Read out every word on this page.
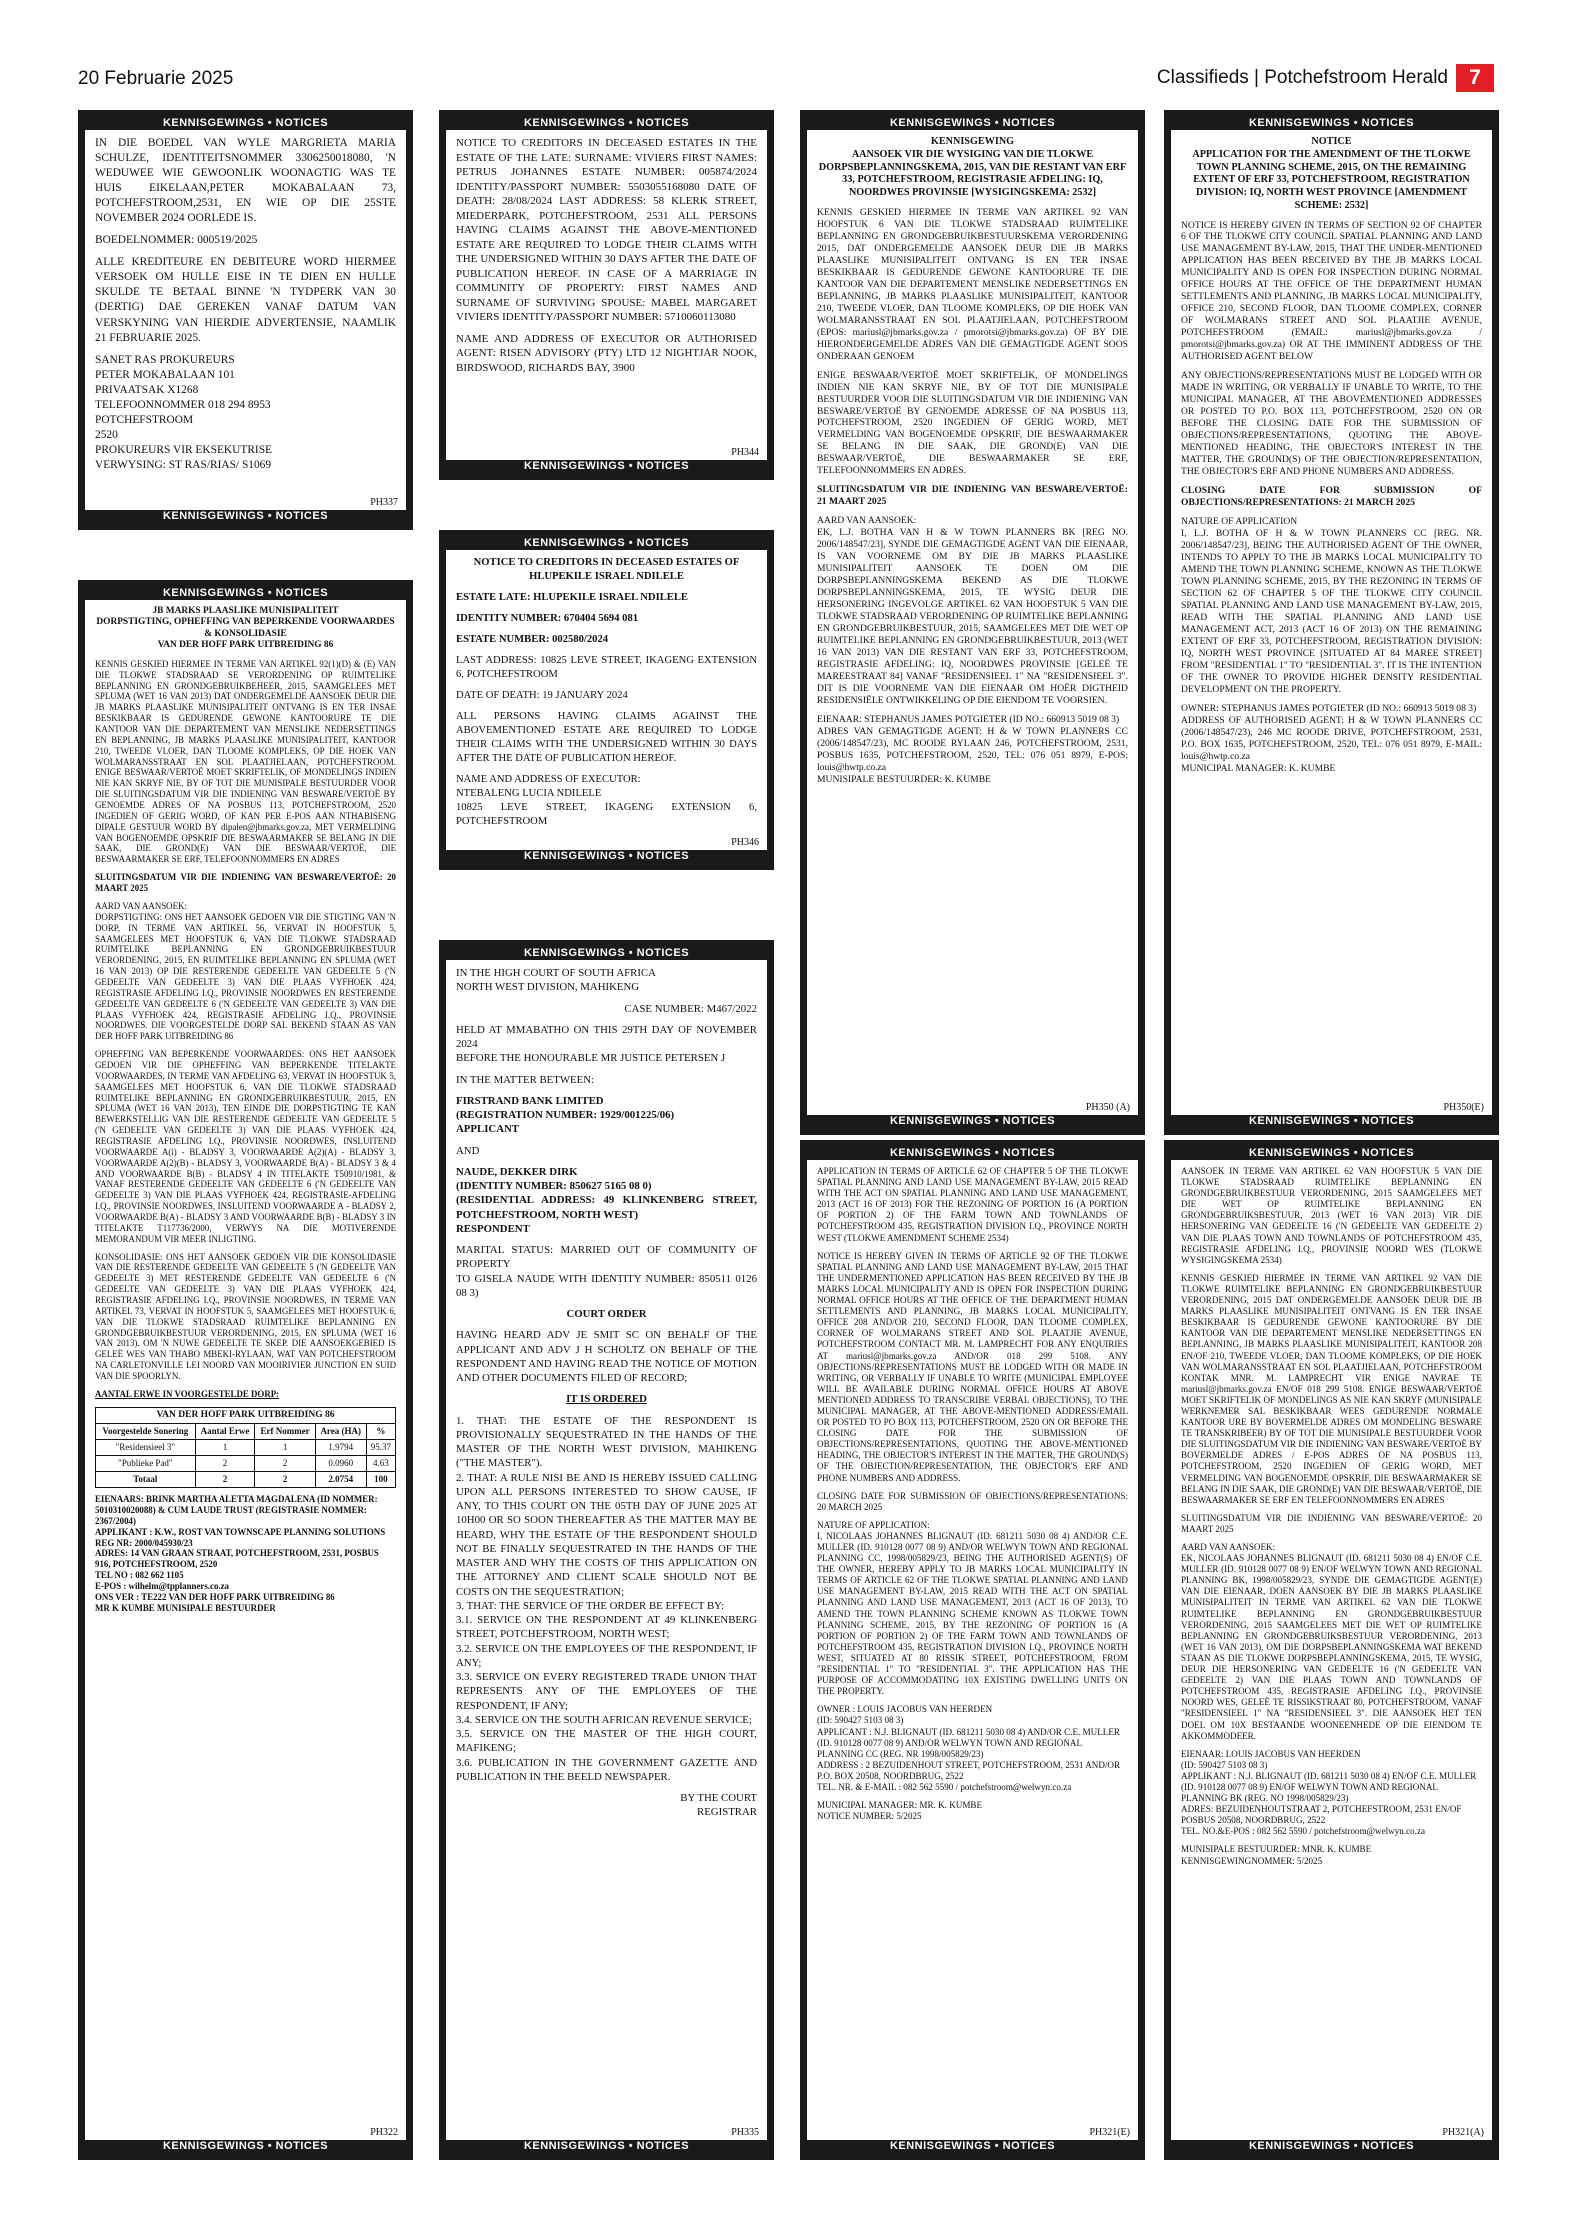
20 Februarie 2025	Classifieds | Potchefstroom Herald	7
KENNISGEWINGS • NOTICES

IN DIE BOEDEL VAN WYLE MARGRIETA MARIA SCHULZE, IDENTITEITSNOMMER 3306250018080, 'N WEDUWEE WIE GEWOONLIK WOONAGTIG WAS TE HUIS EIKELAAN,PETER MOKABALAAN 73, POTCHEFSTROOM,2531, EN WIE OP DIE 25STE NOVEMBER 2024 OORLEDE IS.

BOEDELNOMMER: 000519/2025

ALLE KREDITEURE EN DEBITEURE WORD HIERMEE VERSOEK OM HULLE EISE IN TE DIEN EN HULLE SKULDE TE BETAAL BINNE 'N TYDPERK VAN 30 (DERTIG) DAE GEREKEN VANAF DATUM VAN VERSKYNING VAN HIERDIE ADVERTENSIE, NAAMLIK 21 FEBRUARIE 2025.

SANET RAS PROKUREURS
PETER MOKABALAAN 101
PRIVAATSAK X1268
TELEFOONNOMMER 018 294 8953
POTCHEFSTROOM
2520
PROKUREURS VIR EKSEKUTRISE
VERWYSING: ST RAS/RIAS/ S1069

PH337
KENNISGEWINGS • NOTICES
KENNISGEWINGS • NOTICES

NOTICE TO CREDITORS IN DECEASED ESTATES IN THE ESTATE OF THE LATE: SURNAME: VIVIERS FIRST NAMES: PETRUS JOHANNES ESTATE NUMBER: 005874/2024 IDENTITY/PASSPORT NUMBER: 5503055168080 DATE OF DEATH: 28/08/2024 LAST ADDRESS: 58 KLERK STREET, MIEDERPARK, POTCHEFSTROOM, 2531 ALL PERSONS HAVING CLAIMS AGAINST THE ABOVE-MENTIONED ESTATE ARE REQUIRED TO LODGE THEIR CLAIMS WITH THE UNDERSIGNED WITHIN 30 DAYS AFTER THE DATE OF PUBLICATION HEREOF. IN CASE OF A MARRIAGE IN COMMUNITY OF PROPERTY: FIRST NAMES AND SURNAME OF SURVIVING SPOUSE: MABEL MARGARET VIVIERS IDENTITY/PASSPORT NUMBER: 5710060113080

NAME AND ADDRESS OF EXECUTOR OR AUTHORISED AGENT: RISEN ADVISORY (PTY) LTD 12 NIGHTJAR NOOK, BIRDSWOOD, RICHARDS BAY, 3900

PH344
KENNISGEWINGS • NOTICES
KENNISGEWINGS • NOTICES

KENNISGEWING
AANSOEK VIR DIE WYSIGING VAN DIE TLOKWE DORPSBEPLANNINGSKEMA, 2015, VAN DIE RESTANT VAN ERF 33, POTCHEFSTROOM, REGISTRASIE AFDELING: IQ, NOORDWES PROVINSIE [WYSIGINGSKEMA: 2532]

KENNIS GESKIED HIERMEE IN TERME VAN ARTIKEL 92 VAN HOOFSTUK 6 VAN DIE TLOKWE STADSRAAD RUIMTELIKE BEPLANNING EN GRONDGEBRUIKBESTUURSKEMA VERORDENING 2015, DAT ONDERGEMELDE AANSOEK DEUR DIE JB MARKS PLAASLIKE MUNISIPALITEIT ONTVANG IS EN TER INSAE BESKIKBAAR IS GEDURENDE GEWONE KANTOORURE TE DIE KANTOOR VAN DIE DEPARTEMENT MENSLIKE NEDERSETTINGS EN BEPLANNING, JB MARKS PLAASLIKE MUNISIPALITEIT, KANTOOR 210, TWEEDE VLOER, DAN TLOOME KOMPLEKS, OP DIE HOEK VAN WOLMARANSSTRAAT EN SOL PLAATJIELAAN, POTCHEFSTROOM (EPOS: mariusl@jbmarks.gov.za / pmorotsi@jbmarks.gov.za) OF BY DIE HIERONDERGEMELDE ADRES VAN DIE GEMAGTIGDE AGENT SOOS ONDERAAN GENOEM

ENIGE BESWAAR/VERTOË MOET SKRIFTELIK, OF MONDELINGS INDIEN NIE KAN SKRYF NIE, BY OF TOT DIE MUNISIPALE BESTUURDER VOOR DIE SLUITINGSDATUM VIR DIE INDIENING VAN BESWARE/VERTOË BY GENOEMDE ADRESSE OF NA POSBUS 113, POTCHEFSTROOM, 2520 INGEDIEN OF GERIG WORD, MET VERMELDING VAN BOGENOEMDE OPSKRIF, DIE BESWAARMAKER SE BELANG IN DIE SAAK, DIE GROND(E) VAN DIE BESWAAR/VERTOË, DIE BESWAARMAKER SE ERF, TELEFOONNOMMERS EN ADRES.

SLUITINGSDATUM VIR DIE INDIENING VAN BESWARE/VERTOË: 21 MAART 2025

AARD VAN AANSOEK:
EK, L.J. BOTHA VAN H & W TOWN PLANNERS BK [REG NO. 2006/148547/23], SYNDE DIE GEMAGTIGDE AGENT VAN DIE EIENAAR, IS VAN VOORNEME OM BY DIE JB MARKS PLAASLIKE MUNISIPALITEIT AANSOEK TE DOEN OM DIE DORPSBEPLANNINGSKEMA BEKEND AS DIE TLOKWE DORPSBEPLANNINGSKEMA, 2015, TE WYSIG DEUR DIE HERSONERING INGEVOLGE ARTIKEL 62 VAN HOOFSTUK 5 VAN DIE TLOKWE STADSRAAD VERORDENING OP RUIMTELIKE BEPLANNING EN GRONDGEBRUIKBESTUUR, 2015, SAAMGELEES MET DIE WET OP RUIMTELIKE BEPLANNING EN GRONDGEBRUIKBESTUUR, 2013 (WET 16 VAN 2013) VAN DIE RESTANT VAN ERF 33, POTCHEFSTROOM, REGISTRASIE AFDELING: IQ, NOORDWES PROVINSIE [GELEË TE MAREESTRAAT 84] VANAF "RESIDENSIEEL 1" NA "RESIDENSIEEL 3". DIT IS DIE VOORNEME VAN DIE EIENAAR OM HOËR DIGTHEID RESIDENSIËLE ONTWIKKELING OP DIE EIENDOM TE VOORSIEN.

EIENAAR: STEPHANUS JAMES POTGIETER (ID NO.: 660913 5019 08 3)
ADRES VAN GEMAGTIGDE AGENT: H & W TOWN PLANNERS CC (2006/148547/23), MC ROODE RYLAAN 246, POTCHEFSTROOM, 2531, POSBUS 1635, POTCHEFSTROOM, 2520, TEL: 076 051 8979, E-POS: louis@hwtp.co.za
MUNISIPALE BESTUURDER: K. KUMBE

PH350 (A)
KENNISGEWINGS • NOTICES
KENNISGEWINGS • NOTICES

NOTICE
APPLICATION FOR THE AMENDMENT OF THE TLOKWE TOWN PLANNING SCHEME, 2015, ON THE REMAINING EXTENT OF ERF 33, POTCHEFSTROOM, REGISTRATION DIVISION: IQ, NORTH WEST PROVINCE [AMENDMENT SCHEME: 2532]

NOTICE IS HEREBY GIVEN IN TERMS OF SECTION 92 OF CHAPTER 6 OF THE TLOKWE CITY COUNCIL SPATIAL PLANNING AND LAND USE MANAGEMENT BY-LAW, 2015, THAT THE UNDER-MENTIONED APPLICATION HAS BEEN RECEIVED BY THE JB MARKS LOCAL MUNICIPALITY AND IS OPEN FOR INSPECTION DURING NORMAL OFFICE HOURS AT THE OFFICE OF THE DEPARTMENT HUMAN SETTLEMENTS AND PLANNING, JB MARKS LOCAL MUNICIPALITY, OFFICE 210, SECOND FLOOR, DAN TLOOME COMPLEX, CORNER OF WOLMARANS STREET AND SOL PLAATJIE AVENUE, POTCHEFSTROOM (EMAIL: mariusl@jbmarks.gov.za / pmorotsi@jbmarks.gov.za) OR AT THE IMMINENT ADDRESS OF THE AUTHORISED AGENT BELOW

ANY OBJECTIONS/REPRESENTATIONS MUST BE LODGED WITH OR MADE IN WRITING, OR VERBALLY IF UNABLE TO WRITE, TO THE MUNICIPAL MANAGER, AT THE ABOVEMENTIONED ADDRESSES OR POSTED TO P.O. BOX 113, POTCHEFSTROOM, 2520 ON OR BEFORE THE CLOSING DATE FOR THE SUBMISSION OF OBJECTIONS/REPRESENTATIONS, QUOTING THE ABOVE-MENTIONED HEADING, THE OBJECTOR'S INTEREST IN THE MATTER, THE GROUND(S) OF THE OBJECTION/REPRESENTATION, THE OBJECTOR'S ERF AND PHONE NUMBERS AND ADDRESS.

CLOSING DATE FOR SUBMISSION OF OBJECTIONS/REPRESENTATIONS: 21 MARCH 2025

NATURE OF APPLICATION
I, L.J. BOTHA OF H & W TOWN PLANNERS CC [REG. NR. 2006/148547/23], BEING THE AUTHORISED AGENT OF THE OWNER, INTENDS TO APPLY TO THE JB MARKS LOCAL MUNICIPALITY TO AMEND THE TOWN PLANNING SCHEME, KNOWN AS THE TLOKWE TOWN PLANNING SCHEME, 2015, BY THE REZONING IN TERMS OF SECTION 62 OF CHAPTER 5 OF THE TLOKWE CITY COUNCIL SPATIAL PLANNING AND LAND USE MANAGEMENT BY-LAW, 2015, READ WITH THE SPATIAL PLANNING AND LAND USE MANAGEMENT ACT, 2013 (ACT 16 OF 2013) ON THE REMAINING EXTENT OF ERF 33, POTCHEFSTROOM, REGISTRATION DIVISION: IQ, NORTH WEST PROVINCE [SITUATED AT 84 MAREE STREET] FROM "RESIDENTIAL 1" TO "RESIDENTIAL 3". IT IS THE INTENTION OF THE OWNER TO PROVIDE HIGHER DENSITY RESIDENTIAL DEVELOPMENT ON THE PROPERTY.

OWNER: STEPHANUS JAMES POTGIETER (ID NO.: 660913 5019 08 3)
ADDRESS OF AUTHORISED AGENT: H & W TOWN PLANNERS CC (2006/148547/23), 246 MC ROODE DRIVE, POTCHEFSTROOM, 2531, P.O. BOX 1635, POTCHEFSTROOM, 2520, TEL: 076 051 8979, E-MAIL: louis@hwtp.co.za
MUNICIPAL MANAGER: K. KUMBE

PH350(E)
KENNISGEWINGS • NOTICES
KENNISGEWINGS • NOTICES

JB MARKS PLAASLIKE MUNISIPALITEIT
DORPSTIGTING, OPHEFFING VAN BEPERKENDE VOORWAARDES & KONSOLIDASIE
VAN DER HOFF PARK UITBREIDING 86

KENNIS GESKIED HIERMEE IN TERME VAN ARTIKEL 92(1)(D) & (E) VAN DIE TLOKWE STADSRAAD SE VERORDENING OP RUIMTELIKE BEPLANNING EN GRONDGEBRUIKBEHEER, 2015, SAAMGELEES MET SPLUMA (WET 16 VAN 2013) DAT ONDERGEMELDE AANSOEK DEUR DIE JB MARKS PLAASLIKE MUNISIPALITEIT ONTVANG IS EN TER INSAE BESKIKBAAR IS GEDURENDE GEWONE KANTOORURE TE DIE KANTOOR VAN DIE DEPARTEMENT VAN MENSLIKE NEDERSETTINGS EN BEPLANNING, JB MARKS PLAASLIKE MUNISIPALITEIT, KANTOOR 210, TWEEDE VLOER, DAN TLOOME KOMPLEKS, OP DIE HOEK VAN WOLMARANSSTRAAT EN SOL PLAATJIELAAN, POTCHEFSTROOM. ENIGE BESWAAR/VERTOË MOET SKRIFTELIK, OF MONDELINGS INDIEN NIE KAN SKRYF NIE, BY OF TOT DIE MUNISIPALE BESTUURDER VOOR DIE SLUITINGSDATUM VIR DIE INDIENING VAN BESWARE/VERTOË BY GENOEMDE ADRES OF NA POSBUS 113, POTCHEFSTROOM, 2520 INGEDIEN OF GERIG WORD, OF KAN PER E-POS AAN NTHABISENG DIPALE GESTUUR WORD BY dipalen@jbmarks.gov.za, MET VERMELDING VAN BOGENOEMDE OPSKRIF DIE BESWAARMAKER SE BELANG IN DIE SAAK, DIE GROND(E) VAN DIE BESWAAR/VERTOË, DIE BESWAARMAKER SE ERF, TELEFOONNOMMERS EN ADRES

SLUITINGSDATUM VIR DIE INDIENING VAN BESWARE/VERTOË: 20 MAART 2025

AARD VAN AANSOEK:
DORPSTIGTING: ONS HET AANSOEK GEDOEN VIR DIE STIGTING VAN 'N DORP, IN TERME VAN ARTIKEL 56, VERVAT IN HOOFSTUK 5, SAAMGELEES MET HOOFSTUK 6, VAN DIE TLOKWE STADSRAAD RUIMTELIKE BEPLANNING EN GRONDGEBRUIKBESTUUR VERORDENING, 2015, EN RUIMTELIKE BEPLANNING EN SPLUMA (WET 16 VAN 2013) OP DIE RESTERENDE GEDEELTE VAN GEDEELTE 5 ('N GEDEELTE VAN GEDEELTE 3) VAN DIE PLAAS VYFHOEK 424, REGISTRASIE AFDELING I.Q., PROVINSIE NOORDWES EN RESTERENDE GEDEELTE VAN GEDEELTE 6 ('N GEDEELTE VAN GEDEELTE 3) VAN DIE PLAAS VYFHOEK 424, REGISTRASIE AFDELING I.Q., PROVINSIE NOORDWES. DIE VOORGESTELDE DORP SAL BEKEND STAAN AS VAN DER HOFF PARK UITBREIDING 86

OPHEFFING VAN BEPERKENDE VOORWAARDES: ONS HET AANSOEK GEDOEN VIR DIE OPHEFFING VAN BEPERKENDE TITELAKTE VOORWAARDES, IN TERME VAN AFDELING 63, VERVAT IN HOOFSTUK 5, SAAMGELEES MET HOOFSTUK 6, VAN DIE TLOKWE STADSRAAD RUIMTELIKE BEPLANNING EN GRONDGEBRUIKBESTUUR, 2015, EN SPLUMA (WET 16 VAN 2013), TEN EINDE DIE DORPSTIGTING TE KAN BEWERKSTELLIG VAN DIE RESTERENDE GEDEELTE VAN GEDEELTE 5 ('N GEDEELTE VAN GEDEELTE 3) VAN DIE PLAAS VYFHOEK 424, REGISTRASIE AFDELING I.Q., PROVINSIE NOORDWES, INSLUITEND VOORWAARDE A(i) - BLADSY 3, VOORWAARDE A(2)(A) - BLADSY 3, VOORWAARDE A(2)(B) - BLADSY 3, VOORWAARDE B(A) - BLADSY 3 & 4 AND VOORWAARDE B(B) - BLADSY 4 IN TITELAKTE T50910/1981, & VANAF RESTERENDE GEDEELTE VAN GEDEELTE 6 ('N GEDEELTE VAN GEDEELTE 3) VAN DIE PLAAS VYFHOEK 424, REGISTRASIE-AFDELING I.Q., PROVINSIE NOORDWES, INSLUITEND VOORWAARDE A - BLADSY 2, VOORWAARDE B(A) - BLADSY 3 AND VOORWAARDE B(B) - BLADSY 3 IN TITELAKTE T117736/2000, VERWYS NA DIE MOTIVERENDE MEMORANDUM VIR MEER INLIGTING.

KONSOLIDASIE: ONS HET AANSOEK GEDOEN VIR DIE KONSOLIDASIE VAN DIE RESTERENDE GEDEELTE VAN GEDEELTE 5 ('N GEDEELTE VAN GEDEELTE 3) MET RESTERENDE GEDEELTE VAN GEDEELTE 6 ('N GEDEELTE VAN GEDEELTE 3) VAN DIE PLAAS VYFHOEK 424, REGISTRASIE AFDELING I.Q., PROVINSIE NOORDWES, IN TERME VAN ARTIKEL 73, VERVAT IN HOOFSTUK 5, SAAMGELEES MET HOOFSTUK 6, VAN DIE TLOKWE STADSRAAD RUIMTELIKE BEPLANNING EN GRONDGEBRUIKBESTUUR VERORDENING, 2015, EN SPLUMA (WET 16 VAN 2013). OM 'N NUWE GEDEELTE TE SKEP. DIE AANSOEKGEBIED IS GELEË WES VAN THABO MBEKI-RYLAAN, WAT VAN POTCHEFSTROOM NA CARLETONVILLE LEI NOORD VAN MOOIRIVIER JUNCTION EN SUID VAN DIE SPOORLYN.

AANTAL ERWE IN VOORGESTELDE DORP:

VAN DER HOFF PARK UITBREIDING 86
Voorgestelde Sonering	Aantal Erwe	Erf Nommer	Area (HA)	%
"Residensieel 3"	1	1	1.9794	95.37
"Publieke Pad"	2	2	0.0960	4.63
Totaal	2	2	2.0754	100

EIENAARS: BRINK MARTHA ALETTA MAGDALENA (ID NOMMER: 5010310020088) & CUM LAUDE TRUST (REGISTRASIE NOMMER: 2367/2004)
APPLIKANT : K.W., ROST VAN TOWNSCAPE PLANNING SOLUTIONS REG NR: 2000/045930/23
ADRES: 14 VAN GRAAN STRAAT, POTCHEFSTROOM, 2531, POSBUS 916, POTCHEFSTROOM, 2520
TEL NO : 082 662 1105
E-POS : wilhelm@tpplanners.co.za
ONS VER : TE222 VAN DER HOFF PARK UITBREIDING 86
MR K KUMBE MUNISIPALE BESTUURDER

PH322
KENNISGEWINGS • NOTICES
KENNISGEWINGS • NOTICES

NOTICE TO CREDITORS IN DECEASED ESTATES OF HLUPEKILE ISRAEL NDILELE

ESTATE LATE: HLUPEKILE ISRAEL NDILELE

IDENTITY NUMBER: 670404 5694 081

ESTATE NUMBER: 002580/2024

LAST ADDRESS: 10825 LEVE STREET, IKAGENG EXTENSION 6, POTCHEFSTROOM

DATE OF DEATH: 19 JANUARY 2024

ALL PERSONS HAVING CLAIMS AGAINST THE ABOVEMENTIONED ESTATE ARE REQUIRED TO LODGE THEIR CLAIMS WITH THE UNDERSIGNED WITHIN 30 DAYS AFTER THE DATE OF PUBLICATION HEREOF.

NAME AND ADDRESS OF EXECUTOR:
NTEBALENG LUCIA NDILELE
10825 LEVE STREET, IKAGENG EXTENSION 6, POTCHEFSTROOM

PH346
KENNISGEWINGS • NOTICES
KENNISGEWINGS • NOTICES

IN THE HIGH COURT OF SOUTH AFRICA
NORTH WEST DIVISION, MAHIKENG

CASE NUMBER: M467/2022

HELD AT MMABATHO ON THIS 29TH DAY OF NOVEMBER 2024
BEFORE THE HONOURABLE MR JUSTICE PETERSEN J

IN THE MATTER BETWEEN:

FIRSTRAND BANK LIMITED
(REGISTRATION NUMBER: 1929/001225/06)
APPLICANT

AND

NAUDE, DEKKER DIRK
(IDENTITY NUMBER: 850627 5165 08 0)
(RESIDENTIAL ADDRESS: 49 KLINKENBERG STREET, POTCHEFSTROOM, NORTH WEST)
RESPONDENT

MARITAL STATUS: MARRIED OUT OF COMMUNITY OF PROPERTY
TO GISELA NAUDE WITH IDENTITY NUMBER: 850511 0126 08 3)

COURT ORDER

HAVING HEARD ADV JE SMIT SC ON BEHALF OF THE APPLICANT AND ADV J H SCHOLTZ ON BEHALF OF THE RESPONDENT AND HAVING READ THE NOTICE OF MOTION AND OTHER DOCUMENTS FILED OF RECORD;

IT IS ORDERED

1. THAT: THE ESTATE OF THE RESPONDENT IS PROVISIONALLY SEQUESTRATED IN THE HANDS OF THE MASTER OF THE NORTH WEST DIVISION, MAHIKENG ("THE MASTER").
2. THAT: A RULE NISI BE AND IS HEREBY ISSUED CALLING UPON ALL PERSONS INTERESTED TO SHOW CAUSE, IF ANY, TO THIS COURT ON THE 05TH DAY OF JUNE 2025 AT 10H00 OR SO SOON THEREAFTER AS THE MATTER MAY BE HEARD, WHY THE ESTATE OF THE RESPONDENT SHOULD NOT BE FINALLY SEQUESTRATED IN THE HANDS OF THE MASTER AND WHY THE COSTS OF THIS APPLICATION ON THE ATTORNEY AND CLIENT SCALE SHOULD NOT BE COSTS ON THE SEQUESTRATION;
3. THAT: THE SERVICE OF THE ORDER BE EFFECT BY:
3.1. SERVICE ON THE RESPONDENT AT 49 KLINKENBERG STREET, POTCHEFSTROOM, NORTH WEST;
3.2. SERVICE ON THE EMPLOYEES OF THE RESPONDENT, IF ANY;
3.3. SERVICE ON EVERY REGISTERED TRADE UNION THAT REPRESENTS ANY OF THE EMPLOYEES OF THE RESPONDENT, IF ANY;
3.4. SERVICE ON THE SOUTH AFRICAN REVENUE SERVICE;
3.5. SERVICE ON THE MASTER OF THE HIGH COURT, MAFIKENG;
3.6. PUBLICATION IN THE GOVERNMENT GAZETTE AND PUBLICATION IN THE BEELD NEWSPAPER.

BY THE COURT
REGISTRAR

PH335
KENNISGEWINGS • NOTICES
KENNISGEWINGS • NOTICES

APPLICATION IN TERMS OF ARTICLE 62 OF CHAPTER 5 OF THE TLOKWE SPATIAL PLANNING AND LAND USE MANAGEMENT BY-LAW, 2015 READ WITH THE ACT ON SPATIAL PLANNING AND LAND USE MANAGEMENT, 2013 (ACT 16 OF 2013) FOR THE REZONING OF PORTION 16 (A PORTION OF PORTION 2) OF THE FARM TOWN AND TOWNLANDS OF POTCHEFSTROOM 435, REGISTRATION DIVISION I.Q., PROVINCE NORTH WEST (TLOKWE AMENDMENT SCHEME 2534)

NOTICE IS HEREBY GIVEN IN TERMS OF ARTICLE 92 OF THE TLOKWE SPATIAL PLANNING AND LAND USE MANAGEMENT BY-LAW, 2015 THAT THE UNDERMENTIONED APPLICATION HAS BEEN RECEIVED BY THE JB MARKS LOCAL MUNICIPALITY AND IS OPEN FOR INSPECTION DURING NORMAL OFFICE HOURS AT THE OFFICE OF THE DEPARTMENT HUMAN SETTLEMENTS AND PLANNING, JB MARKS LOCAL MUNICIPALITY, OFFICE 208 AND/OR 210, SECOND FLOOR, DAN TLOOME COMPLEX, CORNER OF WOLMARANS STREET AND SOL PLAATJIE AVENUE, POTCHEFSTROOM CONTACT MR. M. LAMPRECHT FOR ANY ENQUIRIES AT mariusl@jbmarks.gov.za AND/OR 018 299 5108. ANY OBJECTIONS/REPRESENTATIONS MUST BE LODGED WITH OR MADE IN WRITING, OR VERBALLY IF UNABLE TO WRITE (MUNICIPAL EMPLOYEE WILL BE AVAILABLE DURING NORMAL OFFICE HOURS AT ABOVE MENTIONED ADDRESS TO TRANSCRIBE VERBAL OBJECTIONS), TO THE MUNICIPAL MANAGER, AT THE ABOVE-MENTIONED ADDRESS/EMAIL OR POSTED TO PO BOX 113, POTCHEFSTROOM, 2520 ON OR BEFORE THE CLOSING DATE FOR THE SUBMISSION OF OBJECTIONS/REPRESENTATIONS, QUOTING THE ABOVE-MENTIONED HEADING, THE OBJECTOR'S INTEREST IN THE MATTER, THE GROUND(S) OF THE OBJECTION/REPRESENTATION, THE OBJECTOR'S ERF AND PHONE NUMBERS AND ADDRESS.

CLOSING DATE FOR SUBMISSION OF OBJECTIONS/REPRESENTATIONS: 20 MARCH 2025

NATURE OF APPLICATION:
I, NICOLAAS JOHANNES BLIGNAUT (ID. 681211 5030 08 4) AND/OR C.E. MULLER (ID. 910128 0077 08 9) AND/OR WELWYN TOWN AND REGIONAL PLANNING CC, 1998/005829/23, BEING THE AUTHORISED AGENT(S) OF THE OWNER, HEREBY APPLY TO JB MARKS LOCAL MUNICIPALITY IN TERMS OF ARTICLE 62 OF THE TLOKWE SPATIAL PLANNING AND LAND USE MANAGEMENT BY-LAW, 2015 READ WITH THE ACT ON SPATIAL PLANNING AND LAND USE MANAGEMENT, 2013 (ACT 16 OF 2013), TO AMEND THE TOWN PLANNING SCHEME KNOWN AS TLOKWE TOWN PLANNING SCHEME, 2015, BY THE REZONING OF PORTION 16 (A PORTION OF PORTION 2) OF THE FARM TOWN AND TOWNLANDS OF POTCHEFSTROOM 435, REGISTRATION DIVISION I.Q., PROVINCE NORTH WEST, SITUATED AT 80 RISSIK STREET, POTCHEFSTROOM, FROM "RESIDENTIAL 1" TO "RESIDENTIAL 3". THE APPLICATION HAS THE PURPOSE OF ACCOMMODATING 10X EXISTING DWELLING UNITS ON THE PROPERTY.

OWNER : LOUIS JACOBUS VAN HEERDEN
(ID: 590427 5103 08 3)
APPLICANT : N.J. BLIGNAUT (ID. 681211 5030 08 4) AND/OR C.E. MULLER (ID. 910128 0077 08 9) AND/OR WELWYN TOWN AND REGIONAL PLANNING CC (REG. NR 1998/005829/23)
ADDRESS : 2 BEZUIDENHOUT STREET, POTCHEFSTROOM, 2531 AND/OR P.O. BOX 20508, NOORDBRUG, 2522
TEL. NR. & E-MAIL : 082 562 5590 / potchefstroom@welwyn.co.za

MUNICIPAL MANAGER: MR. K. KUMBE
NOTICE NUMBER: 5/2025

PH321(E)
KENNISGEWINGS • NOTICES
KENNISGEWINGS • NOTICES

AANSOEK IN TERME VAN ARTIKEL 62 VAN HOOFSTUK 5 VAN DIE TLOKWE STADSRAAD RUIMTELIKE BEPLANNING EN GRONDGEBRUIKBESTUUR VERORDENING, 2015 SAAMGELEES MET DIE WET OP RUIMTELIKE BEPLANNING EN GRONDGEBRUIKSBESTUUR, 2013 (WET 16 VAN 2013) VIR DIE HERSONERING VAN GEDEELTE 16 ('N GEDEELTE VAN GEDEELTE 2) VAN DIE PLAAS TOWN AND TOWNLANDS OF POTCHEFSTROOM 435, REGISTRASIE AFDELING I.Q., PROVINSIE NOORD WES (TLOKWE WYSIGINGSKEMA 2534)

KENNIS GESKIED HIERMEE IN TERME VAN ARTIKEL 92 VAN DIE TLOKWE RUIMTELIKE BEPLANNING EN GRONDGEBRUIKBESTUUR VERORDENING, 2015 DAT ONDERGEMELDE AANSOEK DEUR DIE JB MARKS PLAASLIKE MUNISIPALITEIT ONTVANG IS EN TER INSAE BESKIKBAAR IS GEDURENDE GEWONE KANTOORURE BY DIE KANTOOR VAN DIE DEPARTEMENT MENSLIKE NEDERSETTINGS EN BEPLANNING, JB MARKS PLAASLIKE MUNISIPALITEIT, KANTOOR 208 EN/OF 210, TWEEDE VLOER, DAN TLOOME KOMPLEKS, OP DIE HOEK VAN WOLMARANSSTRAAT EN SOL PLAATJIELAAN, POTCHEFSTROOM KONTAK MNR. M. LAMPRECHT VIR ENIGE NAVRAE TE mariusl@jbmarks.gov.za EN/OF 018 299 5108. ENIGE BESWAAR/VERTOË MOET SKRIFTELIK OF MONDELINGS AS NIE KAN SKRYF (MUNISIPALE WERKNEMER SAL BESKIKBAAR WEES GEDURENDE NORMALE KANTOOR URE BY BOVERMELDE ADRES OM MONDELING BESWARE TE TRANSKRIBEER) BY OF TOT DIE MUNISIPALE BESTUURDER VOOR DIE SLUITINGSDATUM VIR DIE INDIENING VAN BESWARE/VERTOË BY BOVERMELDE ADRES / E-POS ADRES OF NA POSBUS 113, POTCHEFSTROOM, 2520 INGEDIEN OF GERIG WORD, MET VERMELDING VAN BOGENOEMDE OPSKRIF, DIE BESWAARMAKER SE BELANG IN DIE SAAK, DIE GROND(E) VAN DIE BESWAAR/VERTOË, DIE BESWAARMAKER SE ERF EN TELEFOONNOMMERS EN ADRES

SLUITINGSDATUM VIR DIE INDIENING VAN BESWARE/VERTOË: 20 MAART 2025

AARD VAN AANSOEK:
EK, NICOLAAS JOHANNES BLIGNAUT (ID. 681211 5030 08 4) EN/OF C.E. MULLER (ID. 910128 0077 08 9) EN/OF WELWYN TOWN AND REGIONAL PLANNING BK, 1998/005829/23, SYNDE DIE GEMAGTIGDE AGENT(E) VAN DIE EIENAAR, DOEN AANSOEK BY DIE JB MARKS PLAASLIKE MUNISIPALITEIT IN TERME VAN ARTIKEL 62 VAN DIE TLOKWE RUIMTELIKE BEPLANNING EN GRONDGEBRUIKBESTUUR VERORDENING, 2015 SAAMGELEES MET DIE WET OP RUIMTELIKE BEPLANNING EN GRONDGEBRUIKSBESTUUR VERORDENING, 2013 (WET 16 VAN 2013), OM DIE DORPSBEPLANNINGSKEMA WAT BEKEND STAAN AS DIE TLOKWE DORPSBEPLANNINGSKEMA, 2015, TE WYSIG, DEUR DIE HERSONERING VAN GEDEELTE 16 ('N GEDEELTE VAN GEDEELTE 2) VAN DIE PLAAS TOWN AND TOWNLANDS OF POTCHEFSTROOM 435, REGISTRASIE AFDELING I.Q., PROVINSIE NOORD WES, GELEË TE RISSIKSTRAAT 80, POTCHEFSTROOM, VANAF "RESIDENSIEEL 1" NA "RESIDENSIEEL 3". DIE AANSOEK HET TEN DOEL OM 10X BESTAANDE WOONEENHEDE OP DIE EIENDOM TE AKKOMMODEER.

EIENAAR: LOUIS JACOBUS VAN HEERDEN
(ID: 590427 5103 08 3)
APPLIKANT : N.J. BLIGNAUT (ID. 681211 5030 08 4) EN/OF C.E. MULLER (ID. 910128 0077 08 9) EN/OF WELWYN TOWN AND REGIONAL PLANNING BK (REG. NO 1998/005829/23)
ADRES: BEZUIDENHOUTSTRAAT 2, POTCHEFSTROOM, 2531 EN/OF POSBUS 20508, NOORDBRUG, 2522
TEL. NO.&E-POS : 082 562 5590 / potchefstroom@welwyn.co.za

MUNISIPALE BESTUURDER: MNR. K. KUMBE
KENNISGEWINGNOMMER: 5/2025

PH321(A)
KENNISGEWINGS • NOTICES
